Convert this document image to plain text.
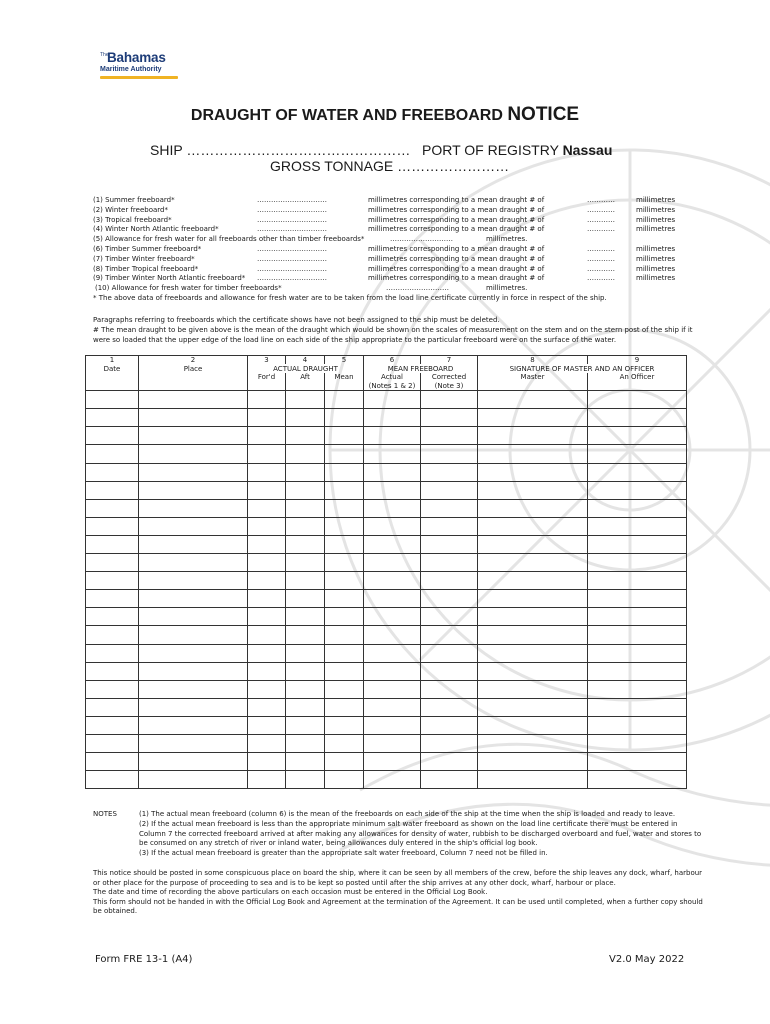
The
Bahamas
Maritime Authority
DRAUGHT OF WATER AND FREEBOARD NOTICE
SHIP ………………………………………… PORT OF REGISTRY Nassau
GROSS TONNAGE ……………………
(1) Summer freeboard*	…………………………	millimetres corresponding to a mean draught # of	…………	millimetres
(2) Winter freeboard*	…………………………	millimetres corresponding to a mean draught # of	…………	millimetres
(3) Tropical freeboard*	…………………………	millimetres corresponding to a mean draught # of	…………	millimetres
(4) Winter North Atlantic freeboard*	…………………………	millimetres corresponding to a mean draught # of	…………	millimetres
(5) Allowance for fresh water for all freeboards other than timber freeboards*	………………………	millimetres.
(6) Timber Summer freeboard*	…………………………	millimetres corresponding to a mean draught # of	…………	millimetres
(7) Timber Winter freeboard*	…………………………	millimetres corresponding to a mean draught # of	…………	millimetres
(8) Timber Tropical freeboard*	…………………………	millimetres corresponding to a mean draught # of	…………	millimetres
(9) Timber Winter North Atlantic freeboard* …………………………	millimetres corresponding to a mean draught # of	…………	millimetres
(10) Allowance for fresh water for timber freeboards*	………………………	millimetres.
* The above data of freeboards and allowance for fresh water are to be taken from the load line certificate currently in force in respect of the ship.

Paragraphs referring to freeboards which the certificate shows have not been assigned to the ship must be deleted.

# The mean draught to be given above is the mean of the draught which would be shown on the scales of measurement on the stem and on the stern post of the ship if it were so loaded that the upper edge of the load line on each side of the ship appropriate to the particular freeboard were on the surface of the water.

1	2	3	4	5	6	7	8	9
Date	Place	ACTUAL DRAUGHT			MEAN FREEBOARD		SIGNATURE OF MASTER AND AN OFFICER	
		For'd	Aft	Mean	Actual	Corrected	Master	An Officer
					(Notes 1 & 2)	(Note 3)		

NOTES	(1) The actual mean freeboard (column 6) is the mean of the freeboards on each side of the ship at the time when the ship is loaded and ready to leave.

(2) If the actual mean freeboard is less than the appropriate minimum salt water freeboard as shown on the load line certificate there must be entered in Column 7 the corrected freeboard arrived at after making any allowances for density of water, rubbish to be discharged overboard and fuel, water and stores to be consumed on any stretch of river or inland water, being allowances duly entered in the ship's official log book.

(3) If the actual mean freeboard is greater than the appropriate salt water freeboard, Column 7 need not be filled in.

This notice should be posted in some conspicuous place on board the ship, where it can be seen by all members of the crew, before the ship leaves any dock, wharf, harbour or other place for the purpose of proceeding to sea and is to be kept so posted until after the ship arrives at any other dock, wharf, harbour or place.

The date and time of recording the above particulars on each occasion must be entered in the Official Log Book.

This form should not be handed in with the Official Log Book and Agreement at the termination of the Agreement. It can be used until completed, when a further copy should be obtained.

Form FRE 13-1 (A4)	V2.0 May 2022
